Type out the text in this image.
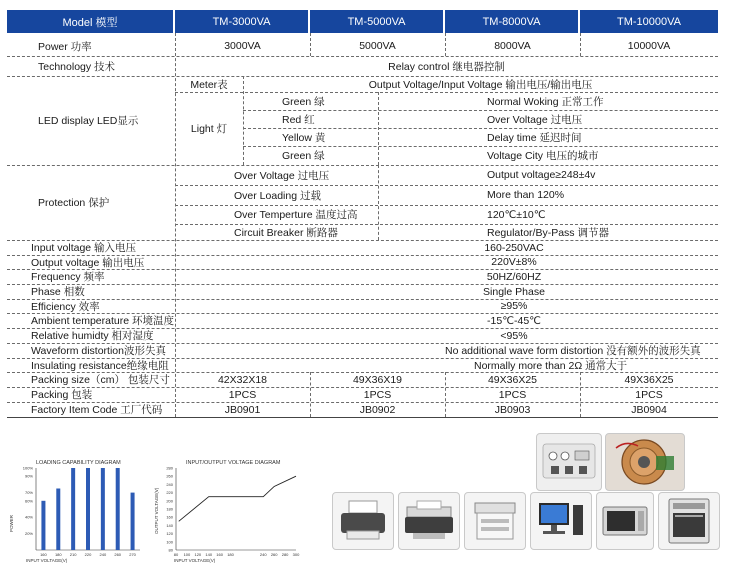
Model 模型	TM-3000VA	TM-5000VA	TM-8000VA	TM-10000VA
Power 功率	3000VA	5000VA	8000VA	10000VA
Technology 技术	Relay control 继电器控制
LED display LED显示
Meter表	Output Voltage/Input Voltage 输出电压/输出电压
Light 灯
Green 绿	Normal Woking 正常工作
Red 红	Over Voltage 过电压
Yellow 黄	Delay time 延迟时间
Green 绿	Voltage City 电压的城市
Protection 保护
Over Voltage 过电压	Output voltage≥248±4v
Over Loading 过载	More than 120%
Over Temperture 温度过高	120℃±10℃
Circuit Breaker 断路器	Regulator/By-Pass 调节器
Input voltage 输入电压	160-250VAC
Output voltage 输出电压	220V±8%
Frequency 频率	50HZ/60HZ
Phase 相数	Single Phase
Efficiency 效率	≥95%
Ambient temperature 环境温度	-15℃-45℃
Relative humidty 相对湿度	<95%
Waveform distortion波形失真	No additional wave form distortion 没有额外的波形失真
Insulating resistance绝缘电阻	Normally more than 2Ω 通常大于
Packing size（cm） 包装尺寸	42X32X18	49X36X19	49X36X25	49X36X25
Packing 包装	1PCS	1PCS	1PCS	1PCS
Factory Item Code 工厂代码	JB0901	JB0902	JB0903	JB0904
LOADING CAPABILITY DIAGRAM
100%
90%
70%
60%
40%
20%
160 180 210 220 240 260 270
POWER
INPUT VOLTAGE(V)
INPUT/OUTPUT VOLTAGE DIAGRAM
280
260
240
220
200
180
160
140
120
100
80
80 100 120 140 160 180	240 260 280 300
OUTPUT VOLTAGE(V)
INPUT VOLTAGE(V)
